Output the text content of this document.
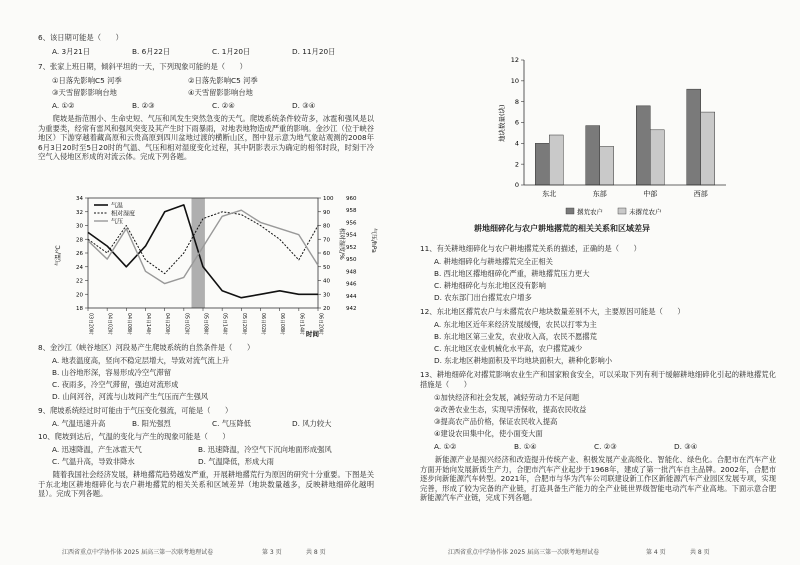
6、该日期可能是（　　）
A. 3月21日	B. 6月22日	C. 1月20日	D. 11月20日
7、张家上班日期，倾斜平坦的一天，下列现象可能的是（　　）
①日落先影响C5 河季	②日落先影响C5 河季
③天雪留影影响台地	④天雪留影影响台地
A. ①②	B. ②③	C. ②④	D. ③④
　　爬坡是指范围小、生命史短、气压和风发生突然急变的天气。爬坡系统条件较苛多，冰雹和强风是以为重要类，经常有雷风和强风突变及其产生时下雨暴雨，对地表地物造成严重的影响。金沙江（位于峡谷地区）下游穿越着藏高原和云贵高原到四川盆地过渡的横断山区，图中显示意为地气象站观测的2008年6月3日20时至5日20时的气温、气压和相对湿度变化过程，其中阴影表示为确定的相邻时段，时刻干冷空气入侵地区形成的对流云体。完成下列各题。
34
32
30
28
26
24
22
20
18
100
90
80
70
60
50
40
30
20
960
958
956
954
952
950
948
946
944
942
03日20时	04日02时	04日08时	04日14时	04日20时	05日02时	05日08时	05日14时	05日20时	06日02时	06日08时	06日14时	06日20时
气温
相对湿度
气压
气温/℃	相对湿度/%	气压/hPa
时间
8、金沙江（峡谷地区）河段易产生爬坡系统的自然条件是（　　）
A. 地表温度高，竖向不稳定层增大，导致对流气流上升
B. 山谷地形深，容易形成冷空气滞留
C. 夜雨多，冷空气滞留，强迫对流形成
D. 山间河谷，河流与山坡间产生气压而产生强风
9、爬坡系统经过时可能由于气压变化强流，可能是（　　）
A. 气温迅速升高	B. 阳光强烈	C. 气压降低	D. 风力较大
10、爬坡到达后，气温的变化与产生的现象可能是（　　）
A. 迅速降温，产生冰雹天气	B. 迅速降温，冷空气下沉向地面形成强风
C. 气温升高，导致非降水	D. 气温降低，形成大雨
　　随着我国社会经济发展，耕地撂荒趋势越发严重，开展耕地撂荒行为原因的研究十分重要。下图是关于东北地区耕地细碎化与农户耕地撂荒的相关关系和区域差异（地块数量越多，反映耕地细碎化越明显）。完成下列各题。
江西省重点中学协作体 2025 届高三第一次联考地理试卷	第 3 页	共 8 页
12
10
8
6
4
2
0
东北	东部	中部	西部
地块数量(块)
撂荒农户	未撂荒农户
耕地细碎化与农户耕地撂荒的相关关系和区域差异
11、有关耕地细碎化与农户耕地撂荒关系的描述，正确的是（　　）
A. 耕地细碎化与耕地撂荒完全正相关
B. 西北地区撂地细碎化严重，耕地撂荒压力更大
C. 耕地细碎化与东北地区没有影响
D. 农东部门出台撂荒农户增多
12、东北地区撂荒农户与未撂荒农户地块数量差别不大，主要原因可能是（　　）
A. 东北地区近年来经济发展缓慢，农民以打零为主
B. 东北地区第三业发，农业收入高，农民不愿撂荒
C. 东北地区农业机械化水平高，农户撂荒减少
D. 东北地区耕地面积及平均地块面积大，耕种化影响小
13、耕地细碎化对撂荒影响农业生产和国家粮食安全，可以采取下列有利于缓解耕地细碎化引起的耕地撂荒化措施是（　　）
①加快经济和社会发展，减轻劳动力不足问题
②改善农业生态，实现早涝保收，提高农民收益
③提高农产品价格，保证农民收入提高
④建设农田集中化，使小面变大面
A. ①②	B. ①④	C. ②③	D. ③④
　　新能源产业是振兴经济和改造提升传统产业、积极发展产业高级化、智能化、绿色化。合肥市在汽车产业方面开始向发展新质生产力，合肥市汽车产业起步于1968年，建成了第一批汽车自主品牌。2002年，合肥市逐步向新能源汽车转型。2021年，合肥市与华为汽车公司联建设新工作区新能源汽车产业园区发展专项，实现完善，形成了较为完备的产业链，打造具备生产能力的全产业链世界级智能电动汽车产业高地。下面示意合肥新能源汽车产业链，完成下列各题。
江西省重点中学协作体 2025 届高三第一次联考地理试卷	第 4 页	共 8 页
